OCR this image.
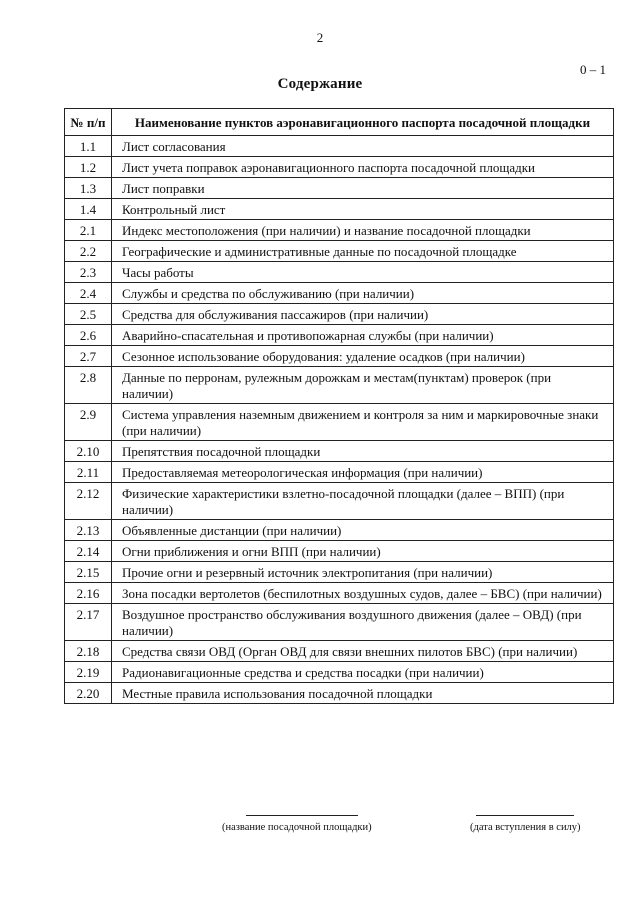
2
0 – 1
Содержание
№ п/п	Наименование пунктов аэронавигационного паспорта посадочной площадки
1.1	Лист согласования
1.2	Лист учета поправок аэронавигационного паспорта посадочной площадки
1.3	Лист поправки
1.4	Контрольный лист
2.1	Индекс местоположения (при наличии) и название посадочной площадки
2.2	Географические и административные данные по посадочной площадке
2.3	Часы работы
2.4	Службы и средства по обслуживанию (при наличии)
2.5	Средства для обслуживания пассажиров (при наличии)
2.6	Аварийно-спасательная и противопожарная службы (при наличии)
2.7	Сезонное использование оборудования: удаление осадков (при наличии)
2.8	Данные по перронам, рулежным дорожкам и местам(пунктам) проверок (при наличии)
2.9	Система управления наземным движением и контроля за ним и маркировочные знаки (при наличии)
2.10	Препятствия посадочной площадки
2.11	Предоставляемая метеорологическая информация (при наличии)
2.12	Физические характеристики взлетно-посадочной площадки (далее – ВПП) (при наличии)
2.13	Объявленные дистанции (при наличии)
2.14	Огни приближения и огни ВПП (при наличии)
2.15	Прочие огни и резервный источник электропитания (при наличии)
2.16	Зона посадки вертолетов (беспилотных воздушных судов, далее – БВС) (при наличии)
2.17	Воздушное пространство обслуживания воздушного движения (далее – ОВД) (при наличии)
2.18	Средства связи ОВД (Орган ОВД для связи внешних пилотов БВС) (при наличии)
2.19	Радионавигационные средства и средства посадки (при наличии)
2.20	Местные правила использования посадочной площадки
(название посадочной площадки)	(дата вступления в силу)
